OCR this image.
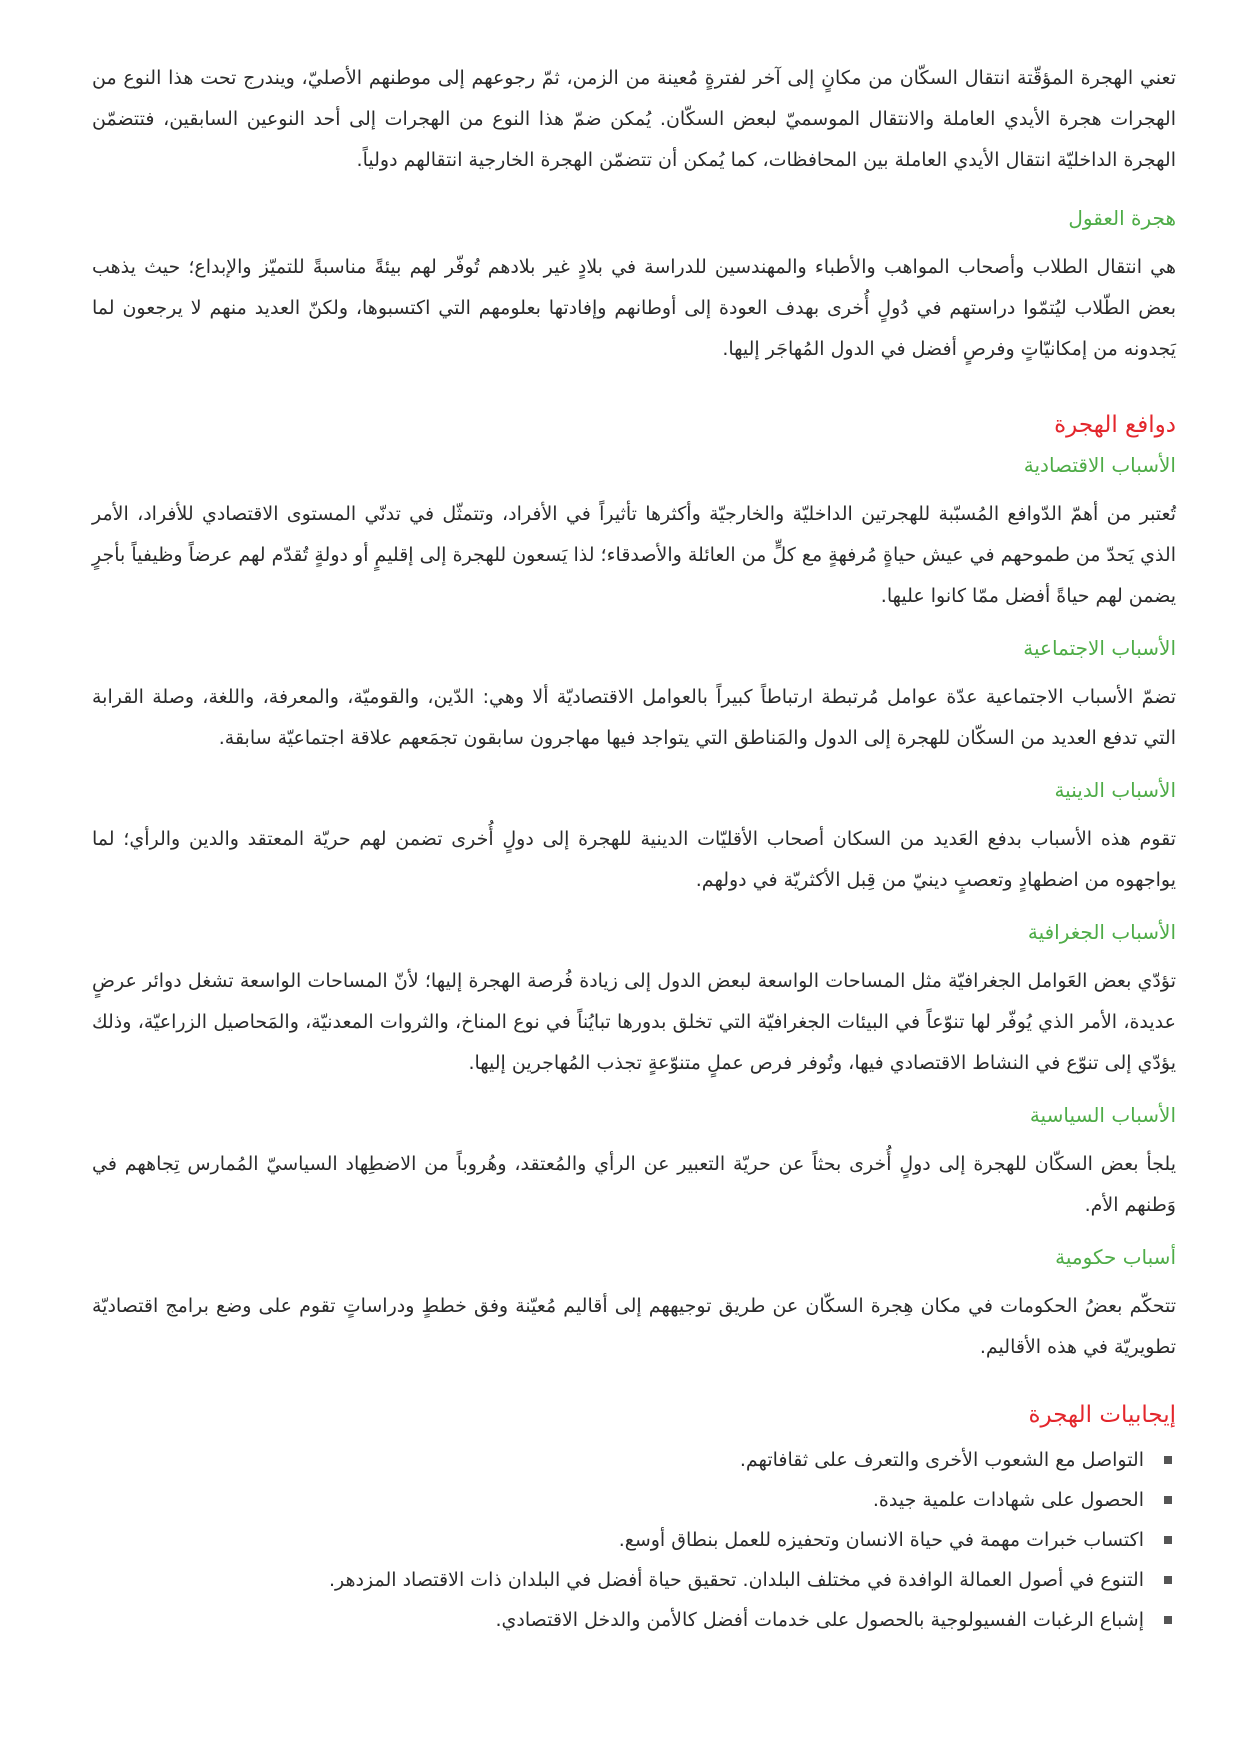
تعني الهجرة المؤقّتة انتقال السكّان من مكانٍ إلى آخر لفترةٍ مُعينة من الزمن، ثمّ رجوعهم إلى موطنهم الأصليّ، ويندرج تحت هذا النوع من الهجرات هجرة الأيدي العاملة والانتقال الموسميّ لبعض السكّان. يُمكن ضمّ هذا النوع من الهجرات إلى أحد النوعين السابقين، فتتضمّن الهجرة الداخليّة انتقال الأيدي العاملة بين المحافظات، كما يُمكن أن تتضمّن الهجرة الخارجية انتقالهم دولياً.

هجرة العقول

هي انتقال الطلاب وأصحاب المواهب والأطباء والمهندسين للدراسة في بلادٍ غير بلادهم تُوفّر لهم بيئةً مناسبةً للتميّز والإبداع؛ حيث يذهب بعض الطّلاب ليُتمّوا دراستهم في دُولٍ أُخرى بهدف العودة إلى أوطانهم وإفادتها بعلومهم التي اكتسبوها، ولكنّ العديد منهم لا يرجعون لما يَجدونه من إمكانيّاتٍ وفرصٍ أفضل في الدول المُهاجَر إليها.

دوافع الهجرة
الأسباب الاقتصادية

تُعتبر من أهمّ الدّوافع المُسبّبة للهجرتين الداخليّة والخارجيّة وأكثرها تأثيراً في الأفراد، وتتمثّل في تدنّي المستوى الاقتصادي للأفراد، الأمر الذي يَحدّ من طموحهم في عيش حياةٍ مُرفهةٍ مع كلٍّ من العائلة والأصدقاء؛ لذا يَسعون للهجرة إلى إقليمٍ أو دولةٍ تُقدّم لهم عرضاً وظيفياً بأجرٍ يضمن لهم حياةً أفضل ممّا كانوا عليها.

الأسباب الاجتماعية

تضمّ الأسباب الاجتماعية عدّة عوامل مُرتبطة ارتباطاً كبيراً بالعوامل الاقتصاديّة ألا وهي: الدّين، والقوميّة، والمعرفة، واللغة، وصلة القرابة التي تدفع العديد من السكّان للهجرة إلى الدول والمَناطق التي يتواجد فيها مهاجرون سابقون تجمَعهم علاقة اجتماعيّة سابقة.

الأسباب الدينية

تقوم هذه الأسباب بدفع العَديد من السكان أصحاب الأقليّات الدينية للهجرة إلى دولٍ أُخرى تضمن لهم حريّة المعتقد والدين والرأي؛ لما يواجهوه من اضطهادٍ وتعصبٍ دينيّ من قِبل الأكثريّة في دولهم.

الأسباب الجغرافية

تؤدّي بعض العَوامل الجغرافيّة مثل المساحات الواسعة لبعض الدول إلى زيادة فُرصة الهجرة إليها؛ لأنّ المساحات الواسعة تشغل دوائر عرضٍ عديدة، الأمر الذي يُوفّر لها تنوّعاً في البيئات الجغرافيّة التي تخلق بدورها تبايُناً في نوع المناخ، والثروات المعدنيّة، والمَحاصيل الزراعيّة، وذلك يؤدّي إلى تنوّع في النشاط الاقتصادي فيها، وتُوفر فرص عملٍ متنوّعةٍ تجذب المُهاجرين إليها.

الأسباب السياسية

يلجأ بعض السكّان للهجرة إلى دولٍ أُخرى بحثاً عن حريّة التعبير عن الرأي والمُعتقد، وهُروباً من الاضطِهاد السياسيّ المُمارس تِجاههم في وَطنهم الأم.

أسباب حكومية

تتحكّم بعضُ الحكومات في مكان هِجرة السكّان عن طريق توجيههم إلى أقاليم مُعيّنة وفق خططٍ ودراساتٍ تقوم على وضع برامج اقتصاديّة تطويريّة في هذه الأقاليم.

إيجابيات الهجرة
التواصل مع الشعوب الأخرى والتعرف على ثقافاتهم.
الحصول على شهادات علمية جيدة.
اكتساب خبرات مهمة في حياة الانسان وتحفيزه للعمل بنطاق أوسع.
التنوع في أصول العمالة الوافدة في مختلف البلدان. تحقيق حياة أفضل في البلدان ذات الاقتصاد المزدهر.
إشباع الرغبات الفسيولوجية بالحصول على خدمات أفضل كالأمن والدخل الاقتصادي.
